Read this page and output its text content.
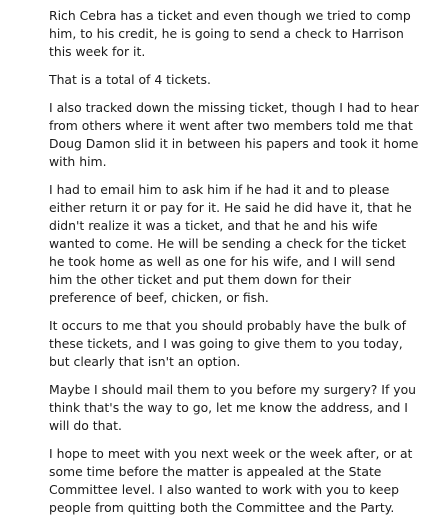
Rich Cebra has a ticket and even though we tried to comp him, to his credit, he is going to send a check to Harrison this week for it.

That is a total of 4 tickets.

I also tracked down the missing ticket, though I had to hear from others where it went after two members told me that Doug Damon slid it in between his papers and took it home with him.

I had to email him to ask him if he had it and to please either return it or pay for it. He said he did have it, that he didn't realize it was a ticket, and that he and his wife wanted to come. He will be sending a check for the ticket he took home as well as one for his wife, and I will send him the other ticket and put them down for their preference of beef, chicken, or fish.

It occurs to me that you should probably have the bulk of these tickets, and I was going to give them to you today, but clearly that isn't an option.

Maybe I should mail them to you before my surgery? If you think that's the way to go, let me know the address, and I will do that.

I hope to meet with you next week or the week after, or at some time before the matter is appealed at the State Committee level. I also wanted to work with you to keep people from quitting both the Committee and the Party.
